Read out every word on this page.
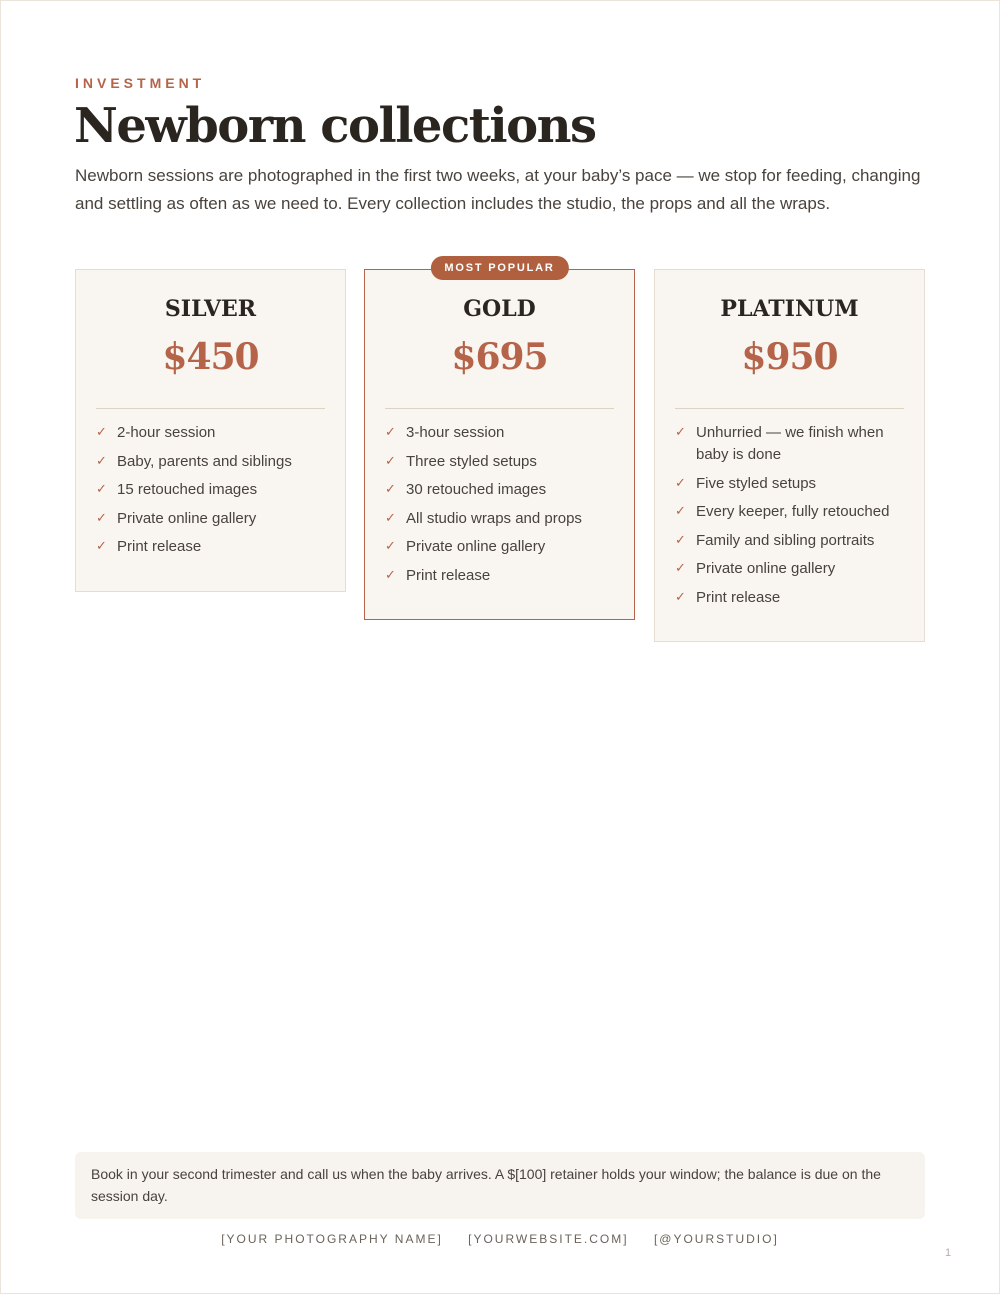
INVESTMENT
Newborn collections

Newborn sessions are photographed in the first two weeks, at your baby’s pace — we stop for feeding, changing and settling as often as we need to. Every collection includes the studio, the props and all the wraps.

SILVER
$450
✓ 2-hour session
✓ Baby, parents and siblings
✓ 15 retouched images
✓ Private online gallery
✓ Print release
MOST POPULAR
GOLD
$695
✓ 3-hour session
✓ Three styled setups
✓ 30 retouched images
✓ All studio wraps and props
✓ Private online gallery
✓ Print release
PLATINUM
$950
✓ Unhurried — we finish when baby is done
✓ Five styled setups
✓ Every keeper, fully retouched
✓ Family and sibling portraits
✓ Private online gallery
✓ Print release
Book in your second trimester and call us when the baby arrives. A $[100] retainer holds your window; the balance is due on the session day.
[YOUR PHOTOGRAPHY NAME] [YOURWEBSITE.COM] [@YOURSTUDIO]
1
